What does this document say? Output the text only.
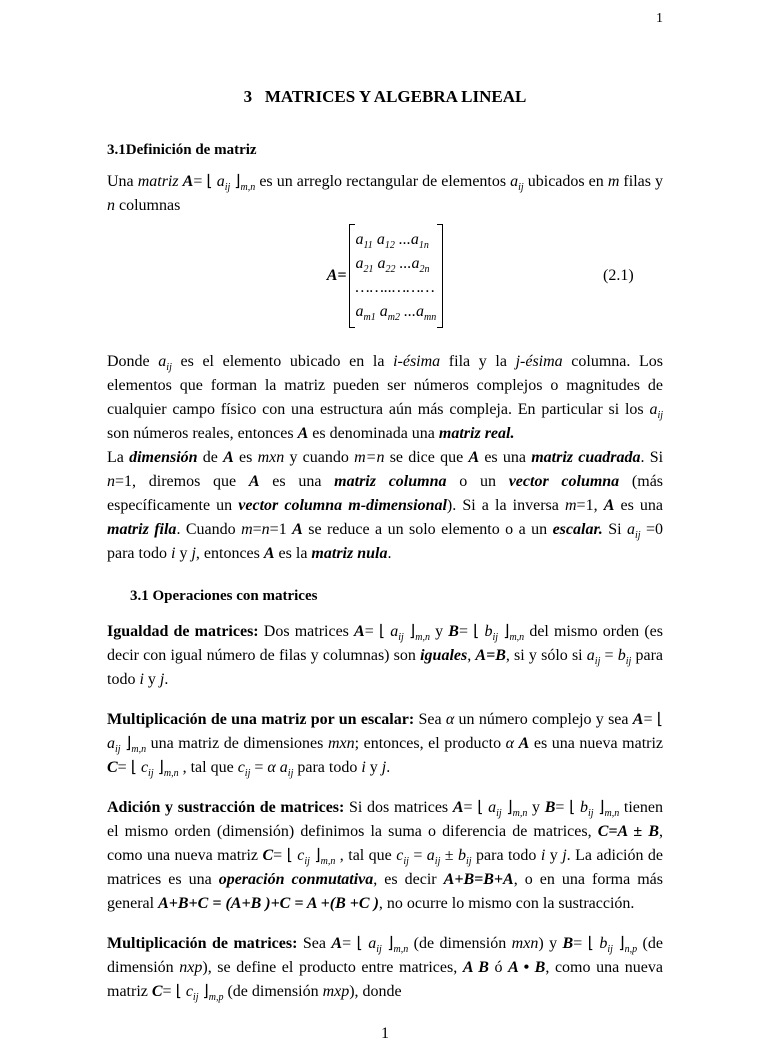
1
3   MATRICES Y ALGEBRA LINEAL
3.1Definición de matriz
Una matriz A= ⌊ $a_{ij}$ $⌋_{m,n}$ es un arreglo rectangular de elementos $a_{ij}$ ubicados en m filas y n columnas
A=
$a_{11}$ $a_{12}$ $...a_{1n}$
$a_{21}$ $a_{22}$ $...a_{2n}$
……..………
$a_{m1}$ $a_{m2}$ $...a_{mn}$
(2.1)
Donde $a_{ij}$ es el elemento ubicado en la i-ésima fila y la j-ésima columna. Los elementos que forman la matriz pueden ser números complejos o magnitudes de cualquier campo físico con una estructura aún más compleja. En particular si los $a_{ij}$ son números reales, entonces A es denominada una matriz real.
La dimensión de A es mxn y cuando m=n se dice que A es una matriz cuadrada. Si n=1, diremos que A es una matriz columna o un vector columna (más específicamente un vector columna m-dimensional). Si a la inversa m=1, A es una matriz fila. Cuando m=n=1 A se reduce a un solo elemento o a un escalar. Si $a_{ij} =0$ para todo i y j, entonces A es la matriz nula.
3.1 Operaciones con matrices
Igualdad de matrices: Dos matrices A= ⌊ $a_{ij}$ $⌋_{m,n}$ y B= ⌊ $b_{ij}$ $⌋_{m,n}$ del mismo orden (es decir con igual número de filas y columnas) son iguales, A=B, si y sólo si $a_{ij} = b_{ij}$ para todo i y j.
Multiplicación de una matriz por un escalar: Sea α un número complejo y sea A= ⌊ $a_{ij}$ $⌋_{m,n}$ una matriz de dimensiones mxn; entonces, el producto α A es una nueva matriz C= ⌊ $c_{ij}$ $⌋_{m,n}$ , tal que $c_{ij} = \alpha$ $a_{ij}$ para todo i y j.
Adición y sustracción de matrices: Si dos matrices A= ⌊ $a_{ij}$ $⌋_{m,n}$ y B= ⌊ $b_{ij}$ $⌋_{m,n}$ tienen el mismo orden (dimensión) definimos la suma o diferencia de matrices, C=A ± B, como una nueva matriz C= ⌊ $c_{ij}$ $⌋_{m,n}$ , tal que $c_{ij} = a_{ij} \pm b_{ij}$ para todo i y j. La adición de matrices es una operación conmutativa, es decir A+B=B+A, o en una forma más general A+B+C = (A+B )+C = A +(B +C ), no ocurre lo mismo con la sustracción.
Multiplicación de matrices: Sea A= ⌊ $a_{ij}$ $⌋_{m,n}$ (de dimensión mxn) y B= ⌊ $b_{ij}$ $⌋_{n,p}$ (de dimensión nxp), se define el producto entre matrices, A B ó A • B, como una nueva matriz C= ⌊ $c_{ij}$ $⌋_{m,p}$ (de dimensión mxp), donde
1
